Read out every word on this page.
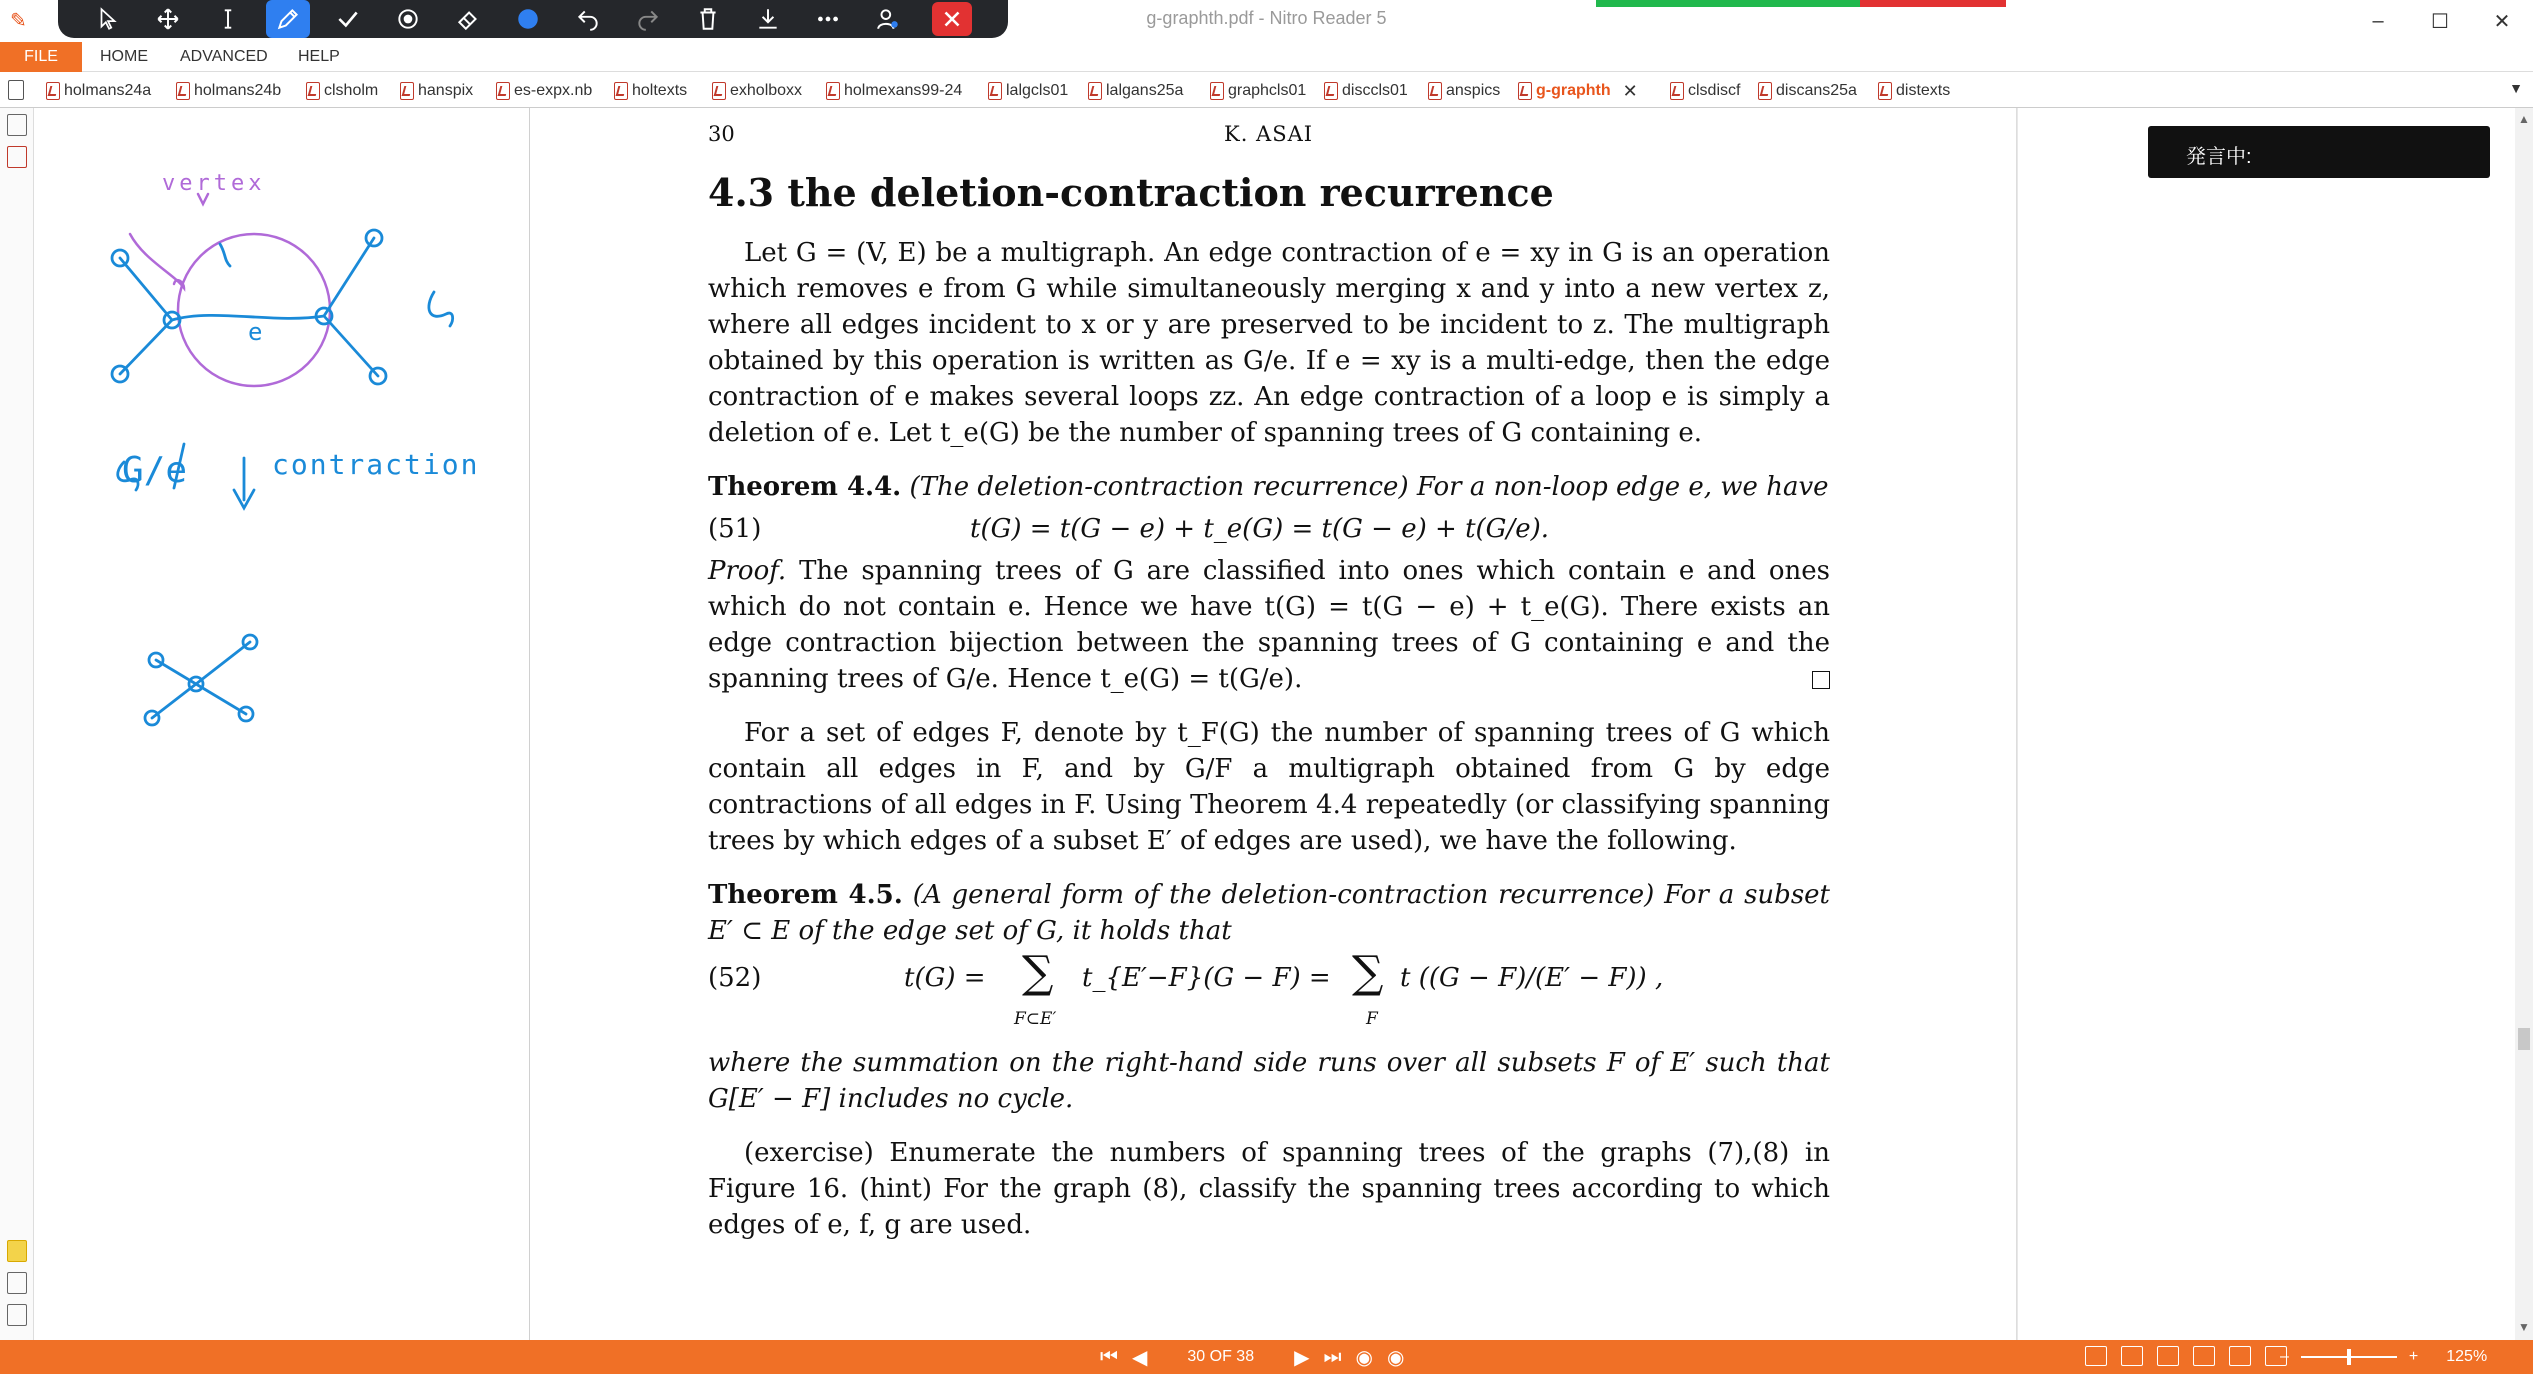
✎	g-graphth.pdf - Nitro Reader 5	–	☐	✕
FILE	HOME ADVANCED HELP
holmans24a	holmans24b	clsholm hanspix	es-expx.nb holtexts	exholboxx	holmexans99-24	lalgcls01 lalgans25a	graphcls01 disccls01 anspics g-graphth ✕	clsdiscf discans25a distexts	▼
vertex
e
G
G/e	contraction
30	K. ASAI
4.3 the deletion-contraction recurrence

Let G = (V, E) be a multigraph. An edge contraction of e = xy in G is an operation which removes e from G while simultaneously merging x and y into a new vertex z, where all edges incident to x or y are preserved to be incident to z. The multigraph obtained by this operation is written as G/e. If e = xy is a multi-edge, then the edge contraction of e makes several loops zz. An edge contraction of a loop e is simply a deletion of e. Let t_e(G) be the number of spanning trees of G containing e.

Theorem 4.4. (The deletion-contraction recurrence) For a non-loop edge e, we have

(51)	t(G) = t(G − e) + t_e(G) = t(G − e) + t(G/e).

Proof. The spanning trees of G are classified into ones which contain e and ones which do not contain e. Hence we have t(G) = t(G − e) + t_e(G). There exists an edge contraction bijection between the spanning trees of G containing e and the spanning trees of G/e. Hence t_e(G) = t(G/e).

For a set of edges F, denote by t_F(G) the number of spanning trees of G which contain all edges in F, and by G/F a multigraph obtained from G by edge contractions of all edges in F. Using Theorem 4.4 repeatedly (or classifying spanning trees by which edges of a subset E′ of edges are used), we have the following.

Theorem 4.5. (A general form of the deletion-contraction recurrence) For a subset E′ ⊂ E of the edge set of G, it holds that

(52)	t(G) = ∑
F⊂E′
t_{E′−F}(G − F) = ∑
F
t ((G − F)/(E′ − F)) ,

where the summation on the right-hand side runs over all subsets F of E′ such that G[E′ − F] includes no cycle.

(exercise) Enumerate the numbers of spanning trees of the graphs (7),(8) in Figure 16. (hint) For the graph (8), classify the spanning trees according to which edges of e, f, g are used.

発言中:
▲
▼
⏮ ◀	30 OF 38 ▶ ⏭ ◉ ◉	–	+ 125%
